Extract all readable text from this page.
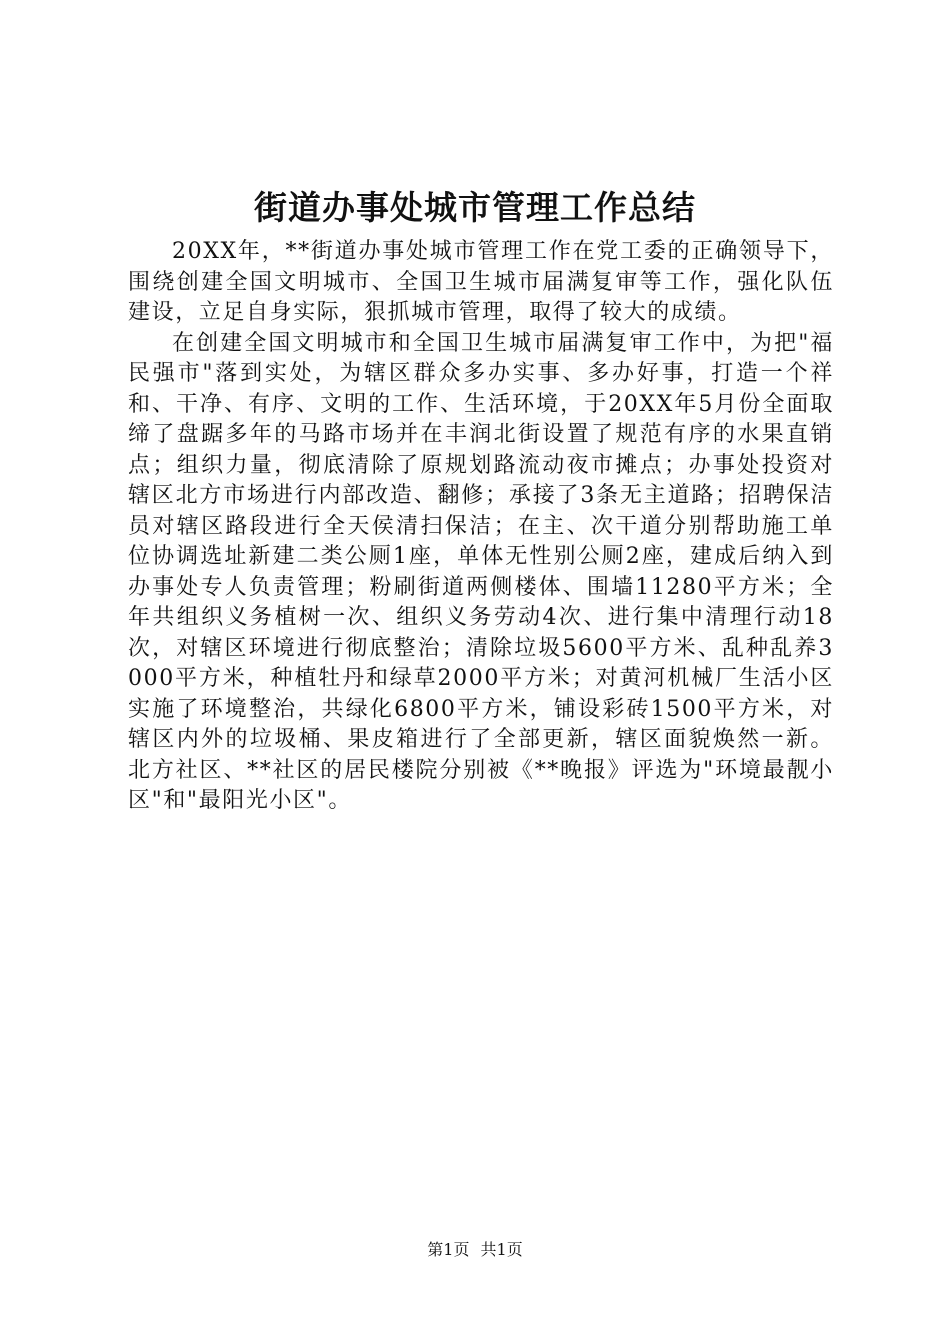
街道办事处城市管理工作总结

20XX年，**街道办事处城市管理工作在党工委的正确领导下，围绕创建全国文明城市、全国卫生城市届满复审等工作，强化队伍建设，立足自身实际，狠抓城市管理，取得了较大的成绩。

在创建全国文明城市和全国卫生城市届满复审工作中，为把"福民强市"落到实处，为辖区群众多办实事、多办好事，打造一个祥和、干净、有序、文明的工作、生活环境，于20XX年5月份全面取缔了盘踞多年的马路市场并在丰润北街设置了规范有序的水果直销点；组织力量，彻底清除了原规划路流动夜市摊点；办事处投资对辖区北方市场进行内部改造、翻修；承接了3条无主道路；招聘保洁员对辖区路段进行全天侯清扫保洁；在主、次干道分别帮助施工单位协调选址新建二类公厕1座，单体无性别公厕2座，建成后纳入到办事处专人负责管理；粉刷街道两侧楼体、围墙11280平方米；全年共组织义务植树一次、组织义务劳动4次、进行集中清理行动18次，对辖区环境进行彻底整治；清除垃圾5600平方米、乱种乱养3000平方米，种植牡丹和绿草2000平方米；对黄河机械厂生活小区实施了环境整治，共绿化6800平方米，铺设彩砖1500平方米，对辖区内外的垃圾桶、果皮箱进行了全部更新，辖区面貌焕然一新。北方社区、**社区的居民楼院分别被《**晚报》评选为"环境最靓小区"和"最阳光小区"。

第1页 共1页
